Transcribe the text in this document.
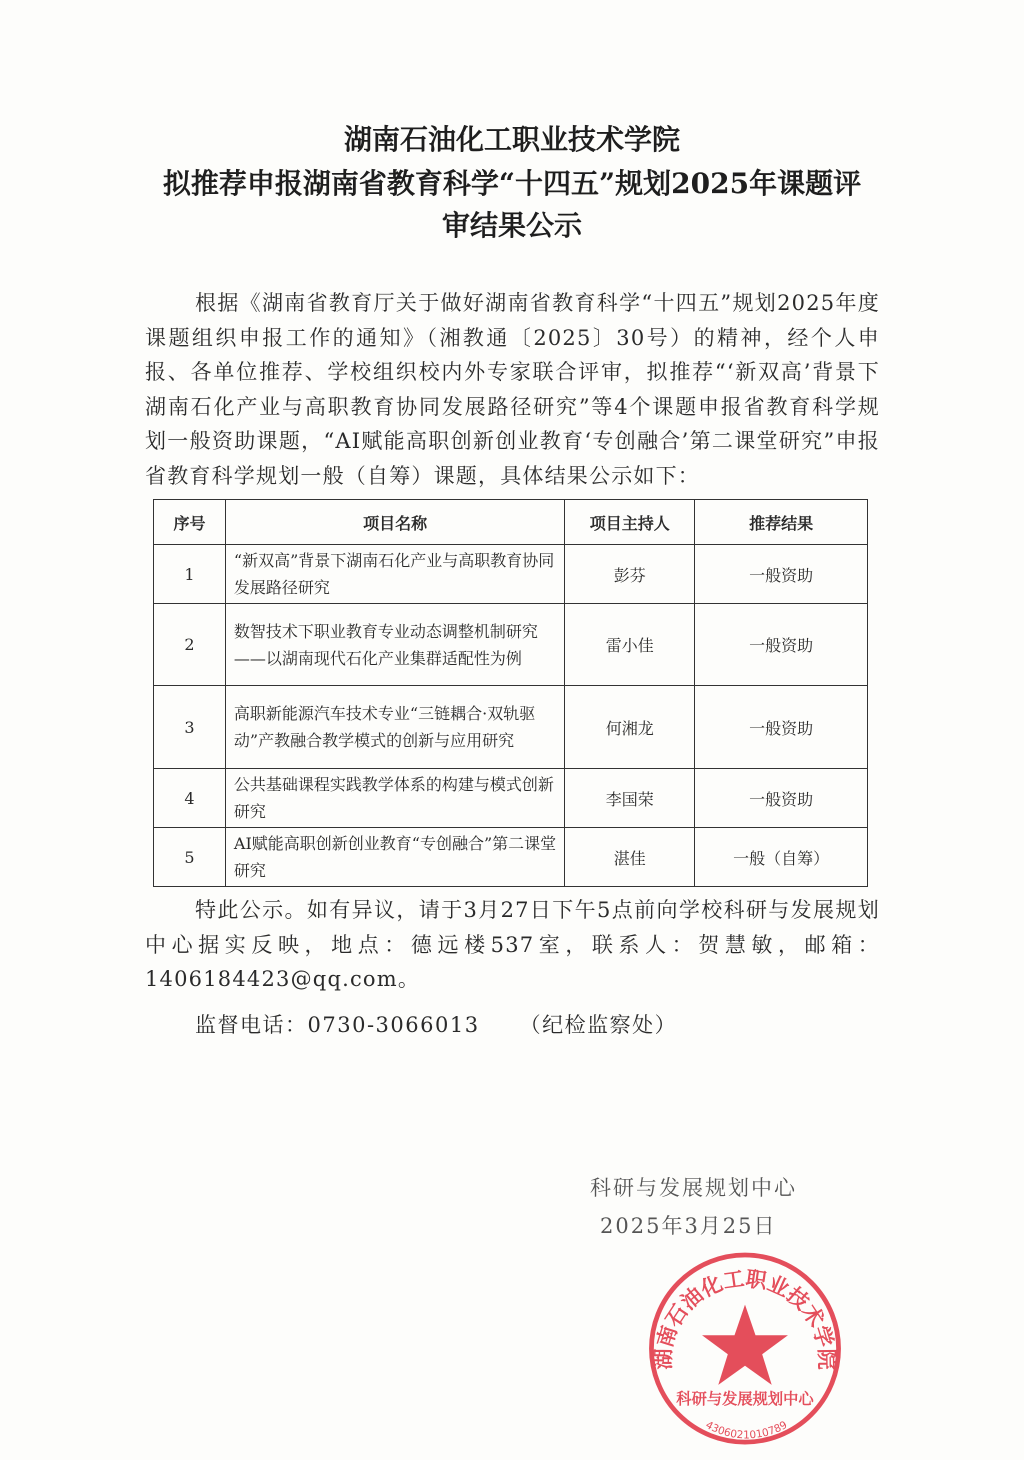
湖南石油化工职业技术学院
拟推荐申报湖南省教育科学“十四五”规划2025年课题评
审结果公示

根据《湖南省教育厅关于做好湖南省教育科学“十四五”规划2025年度课题组织申报工作的通知》（湘教通〔2025〕30号）的精神，经个人申报、各单位推荐、学校组织校内外专家联合评审，拟推荐“‘新双高’背景下湖南石化产业与高职教育协同发展路径研究”等4个课题申报省教育科学规划一般资助课题，“AI赋能高职创新创业教育‘专创融合’第二课堂研究”申报省教育科学规划一般（自筹）课题，具体结果公示如下：

序号	项目名称	项目主持人	推荐结果
1	“新双高”背景下湖南石化产业与高职教育协同发展路径研究	彭芬	一般资助
2	数智技术下职业教育专业动态调整机制研究——以湖南现代石化产业集群适配性为例	雷小佳	一般资助
3	高职新能源汽车技术专业“三链耦合·双轨驱动”产教融合教学模式的创新与应用研究	何湘龙	一般资助
4	公共基础课程实践教学体系的构建与模式创新研究	李国荣	一般资助
5	AI赋能高职创新创业教育“专创融合”第二课堂研究	湛佳	一般（自筹）

特此公示。如有异议，请于3月27日下午5点前向学校科研与发展规划中心据实反映，地点：德远楼537室，联系人：贺慧敏，邮箱：1406184423@qq.com。

监督电话：0730-3066013 （纪检监察处）
科研与发展规划中心
2025年3月25日
湖南石油化工职业技术学院
科研与发展规划中心
4306021010789
